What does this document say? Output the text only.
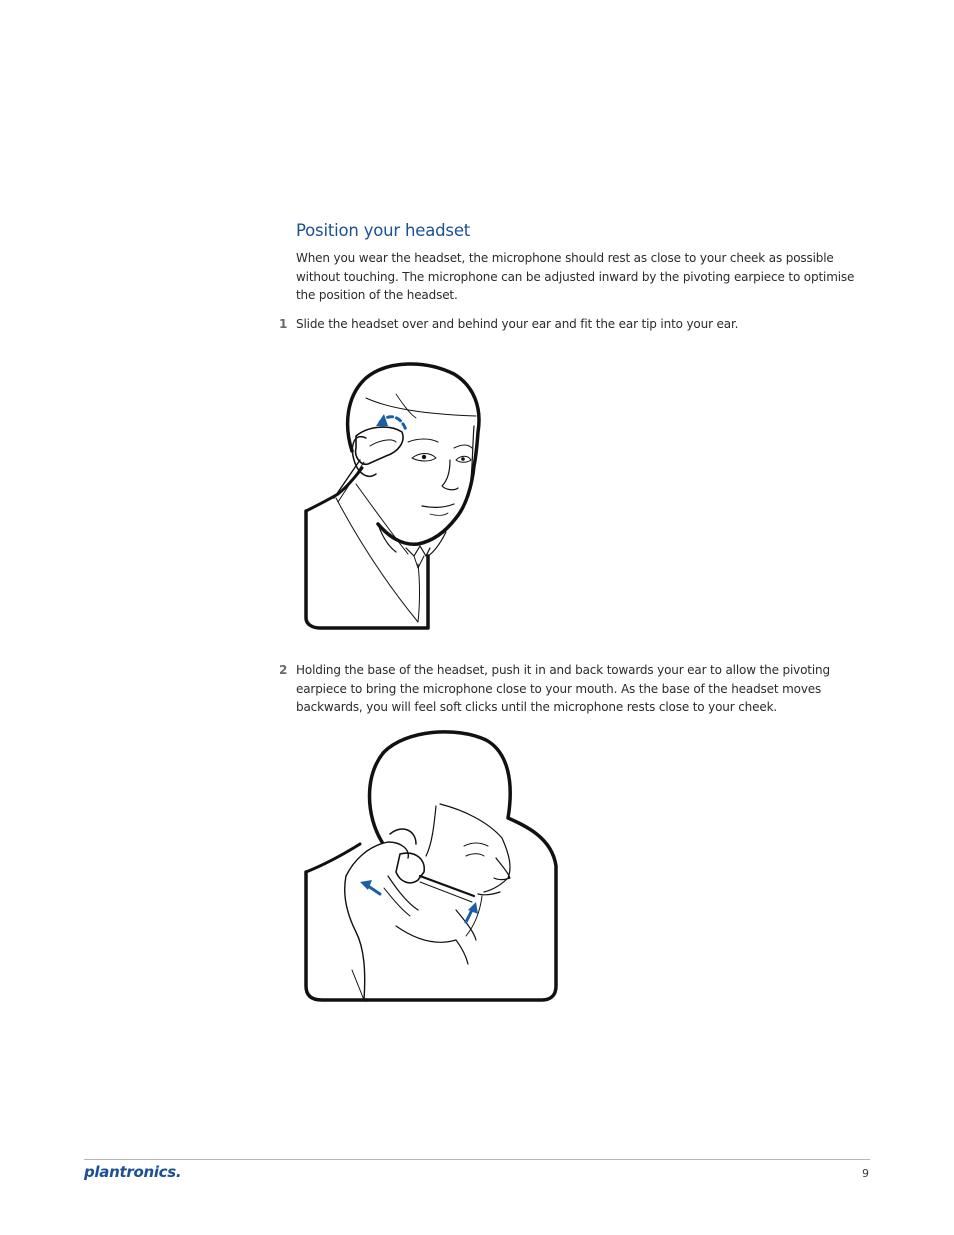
Position your headset

When you wear the headset, the microphone should rest as close to your cheek as possible without touching. The microphone can be adjusted inward by the pivoting earpiece to optimise the position of the headset.

1 Slide the headset over and behind your ear and fit the ear tip into your ear.

2 Holding the base of the headset, push it in and back towards your ear to allow the pivoting earpiece to bring the microphone close to your mouth. As the base of the headset moves backwards, you will feel soft clicks until the microphone rests close to your cheek.

plantronics.	9
